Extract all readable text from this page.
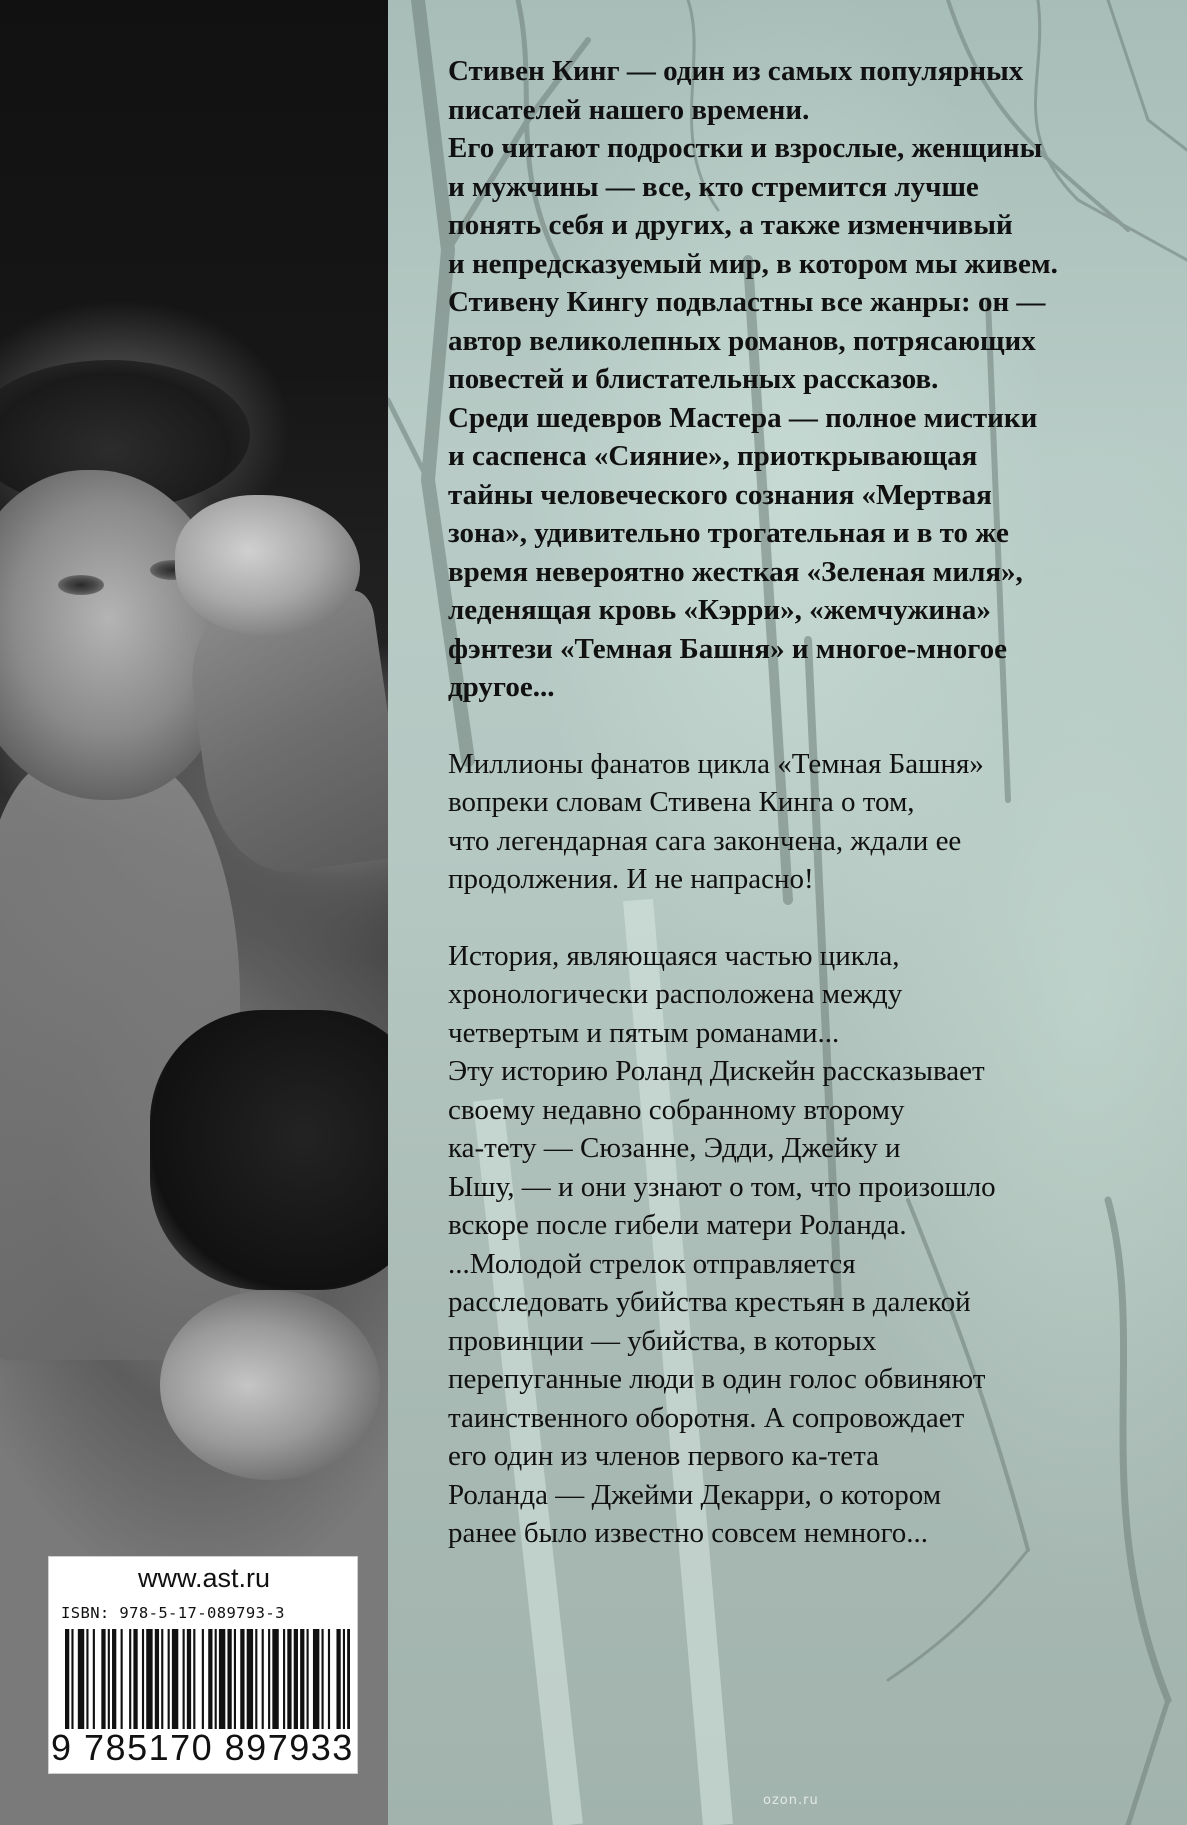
www.ast.ru
ISBN: 978-5-17-089793-3
9 785170 897933

Стивен Кинг — один из самых популярных
писателей нашего времени.
Его читают подростки и взрослые, женщины
и мужчины — все, кто стремится лучше
понять себя и других, а также изменчивый
и непредсказуемый мир, в котором мы живем.
Стивену Кингу подвластны все жанры: он —
автор великолепных романов, потрясающих
повестей и блистательных рассказов.
Среди шедевров Мастера — полное мистики
и саспенса «Сияние», приоткрывающая
тайны человеческого сознания «Мертвая
зона», удивительно трогательная и в то же
время невероятно жесткая «Зеленая миля»,
леденящая кровь «Кэрри», «жемчужина»
фэнтези «Темная Башня» и многое-многое
другое...

Миллионы фанатов цикла «Темная Башня»
вопреки словам Стивена Кинга о том,
что легендарная сага закончена, ждали ее
продолжения. И не напрасно!

История, являющаяся частью цикла,
хронологически расположена между
четвертым и пятым романами...
Эту историю Роланд Дискейн рассказывает
своему недавно собранному второму
ка-тету — Сюзанне, Эдди, Джейку и
Ышу, — и они узнают о том, что произошло
вскоре после гибели матери Роланда.
...Молодой стрелок отправляется
расследовать убийства крестьян в далекой
провинции — убийства, в которых
перепуганные люди в один голос обвиняют
таинственного оборотня. А сопровождает
его один из членов первого ка-тета
Роланда — Джейми Декарри, о котором
ранее было известно совсем немного...

ozon.ru
